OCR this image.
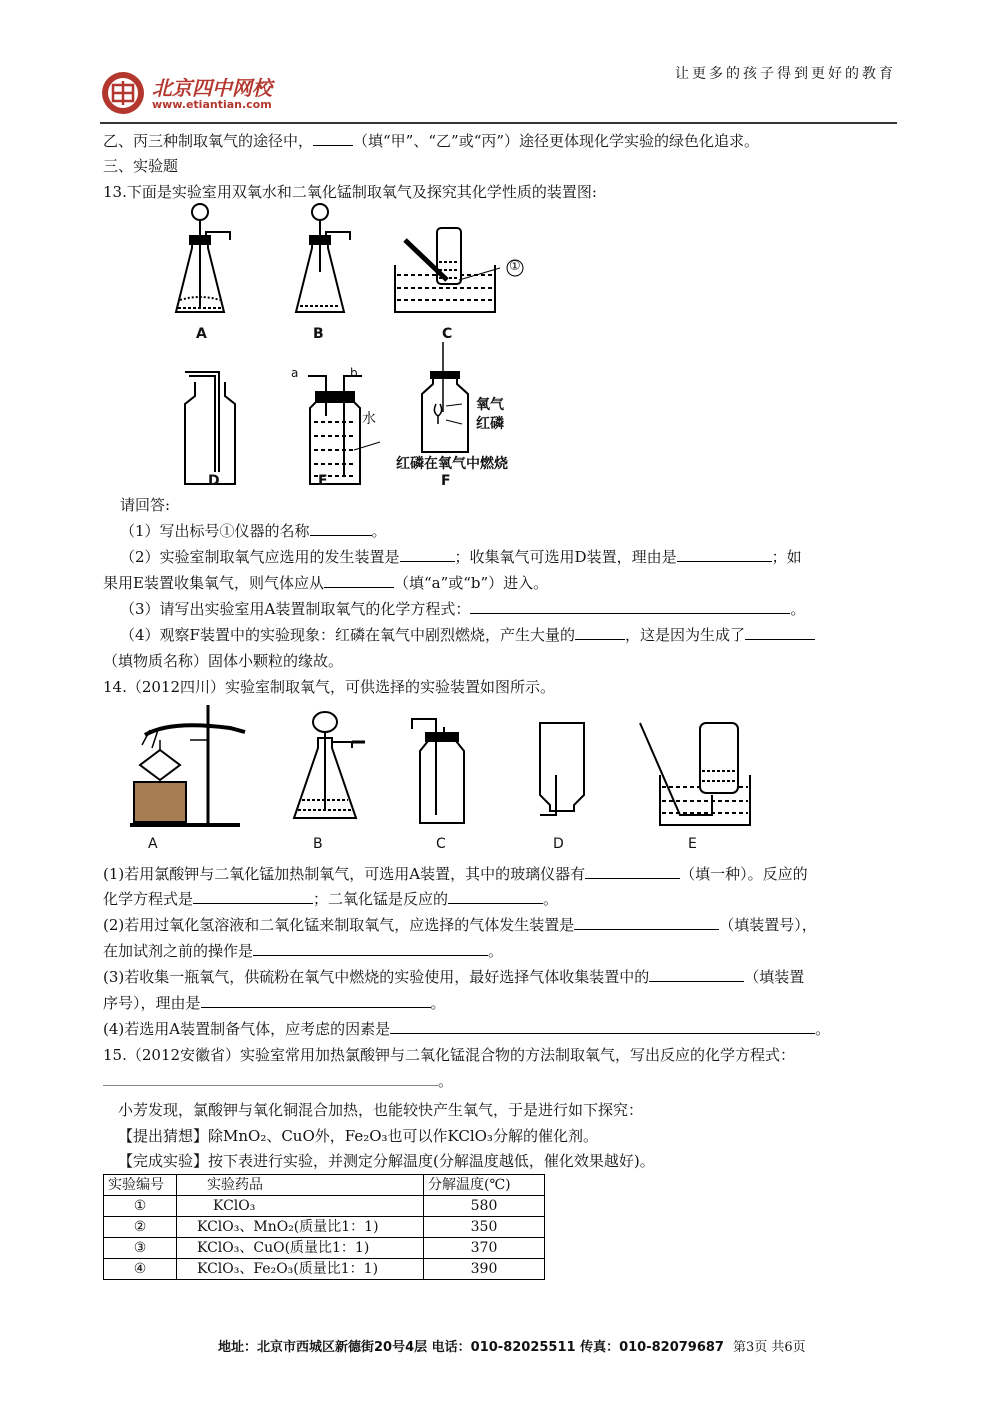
北京四中网校
www.etiantian.com
让更多的孩子得到更好的教育
乙、丙三种制取氧气的途径中，	（填“甲”、“乙”或“丙”）途径更体现化学实验的绿色化追求。
三、实验题
13.下面是实验室用双氧水和二氧化锰制取氧气及探究其化学性质的装置图:
A	B	C
①
D	E	F
a	b
水
氧气
红磷
红磷在氧气中燃烧
请回答:
（1）写出标号①仪器的名称	。
（2）实验室制取氧气应选用的发生装置是	；收集氧气可选用D装置，理由是	；如
果用E装置收集氧气，则气体应从	（填“a”或“b”）进入。
（3）请写出实验室用A装置制取氧气的化学方程式：	。
（4）观察F装置中的实验现象：红磷在氧气中剧烈燃烧，产生大量的	，这是因为生成了
（填物质名称）固体小颗粒的缘故。
14.（2012四川）实验室制取氧气，可供选择的实验装置如图所示。
A	B	C	D	E
(1)若用氯酸钾与二氧化锰加热制氧气，可选用A装置，其中的玻璃仪器有	（填一种）。反应的
化学方程式是	；二氧化锰是反应的	。
(2)若用过氧化氢溶液和二氧化锰来制取氧气，应选择的气体发生装置是	（填装置号），
在加试剂之前的操作是	。
(3)若收集一瓶氧气，供硫粉在氧气中燃烧的实验使用，最好选择气体收集装置中的	（填装置
序号），理由是	。
(4)若选用A装置制备气体，应考虑的因素是	。
15.（2012安徽省）实验室常用加热氯酸钾与二氧化锰混合物的方法制取氧气，写出反应的化学方程式：
。
小芳发现，氯酸钾与氧化铜混合加热，也能较快产生氧气，于是进行如下探究：
【提出猜想】除MnO₂、CuO外，Fe₂O₃也可以作KClO₃分解的催化剂。
【完成实验】按下表进行实验，并测定分解温度(分解温度越低，催化效果越好)。
实验编号	实验药品	分解温度(℃)
①	KClO₃	580
②	KClO₃、MnO₂(质量比1：1)	350
③	KClO₃、CuO(质量比1：1)	370
④	KClO₃、Fe₂O₃(质量比1：1)	390
地址：北京市西城区新德街20号4层 电话：010-82025511 传真：010-82079687 第3页 共6页
